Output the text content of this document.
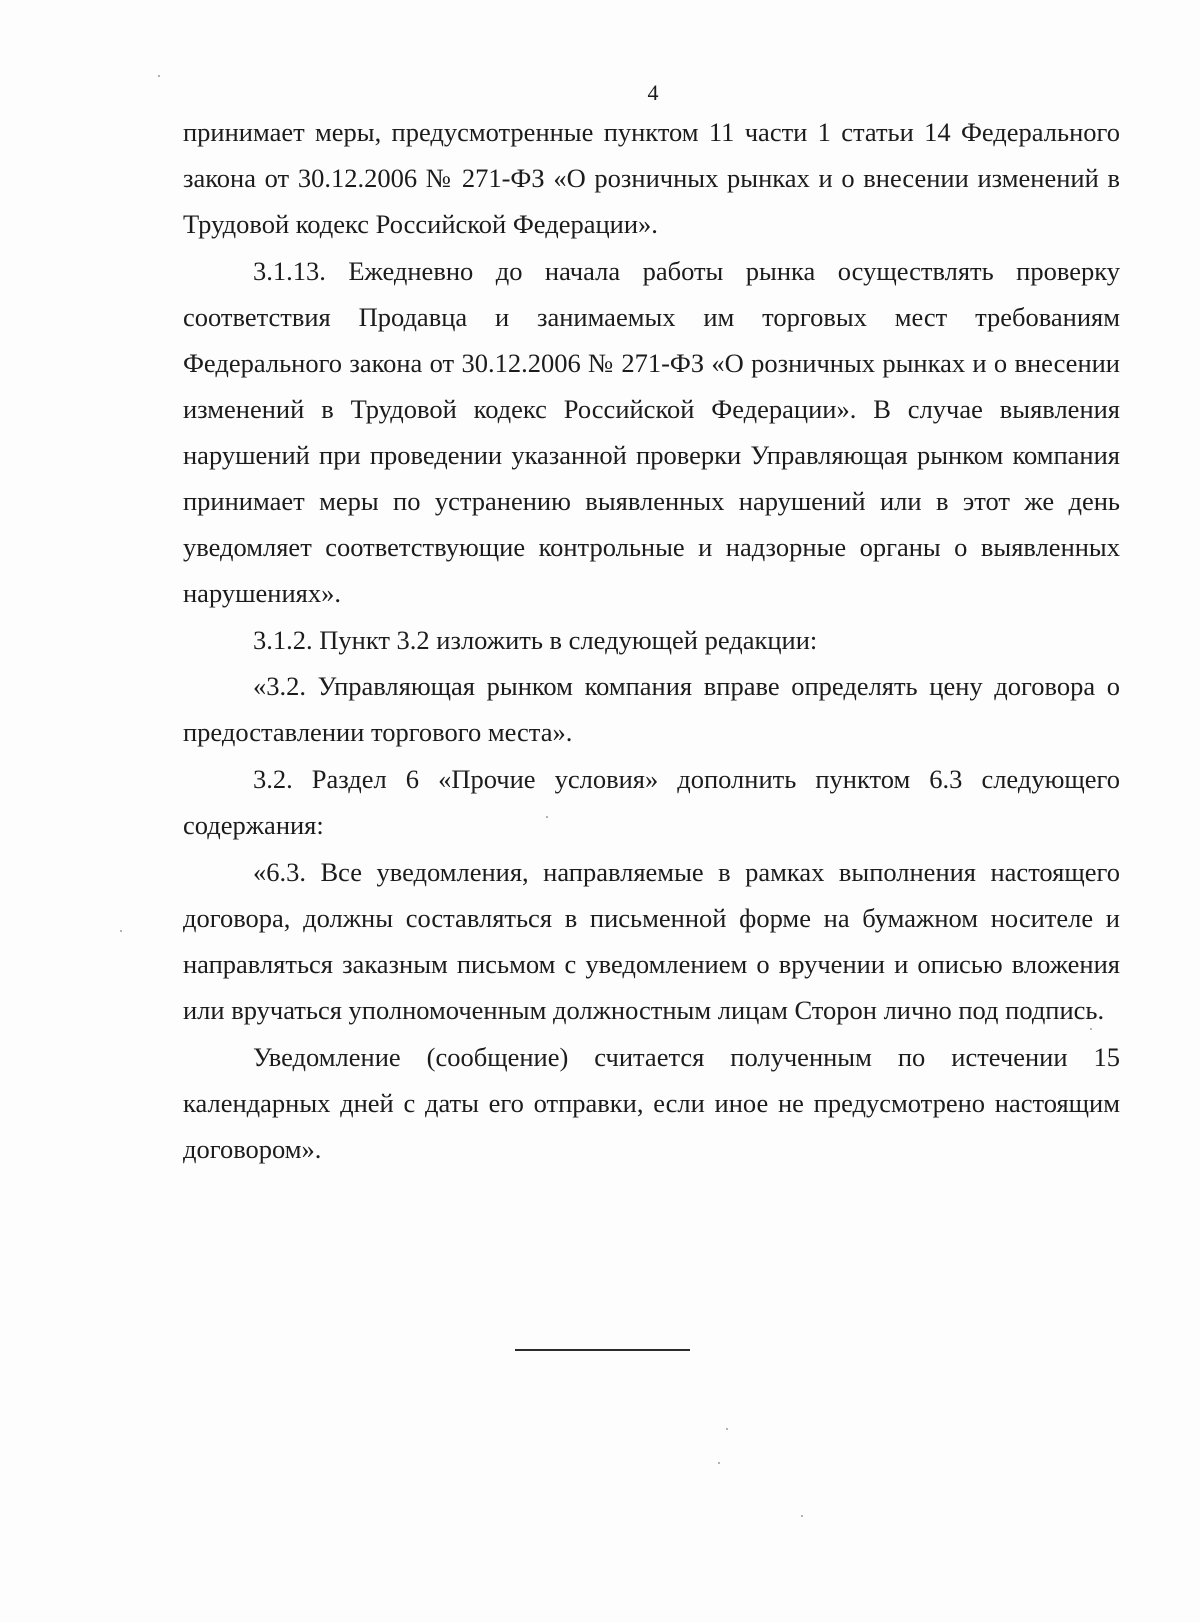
4

принимает меры, предусмотренные пунктом 11 части 1 статьи 14 Федерального закона от 30.12.2006 № 271-ФЗ «О розничных рынках и о внесении изменений в Трудовой кодекс Российской Федерации».

3.1.13. Ежедневно до начала работы рынка осуществлять проверку соответствия Продавца и занимаемых им торговых мест требованиям Федерального закона от 30.12.2006 № 271-ФЗ «О розничных рынках и о внесении изменений в Трудовой кодекс Российской Федерации». В случае выявления нарушений при проведении указанной проверки Управляющая рынком компания принимает меры по устранению выявленных нарушений или в этот же день уведомляет соответствующие контрольные и надзорные органы о выявленных нарушениях».

3.1.2. Пункт 3.2 изложить в следующей редакции:

«3.2. Управляющая рынком компания вправе определять цену договора о предоставлении торгового места».

3.2. Раздел 6 «Прочие условия» дополнить пунктом 6.3 следующего содержания:

«6.3. Все уведомления, направляемые в рамках выполнения настоящего договора, должны составляться в письменной форме на бумажном носителе и направляться заказным письмом с уведомлением о вручении и описью вложения или вручаться уполномоченным должностным лицам Сторон лично под подпись.

Уведомление (сообщение) считается полученным по истечении 15 календарных дней с даты его отправки, если иное не предусмотрено настоящим договором».
